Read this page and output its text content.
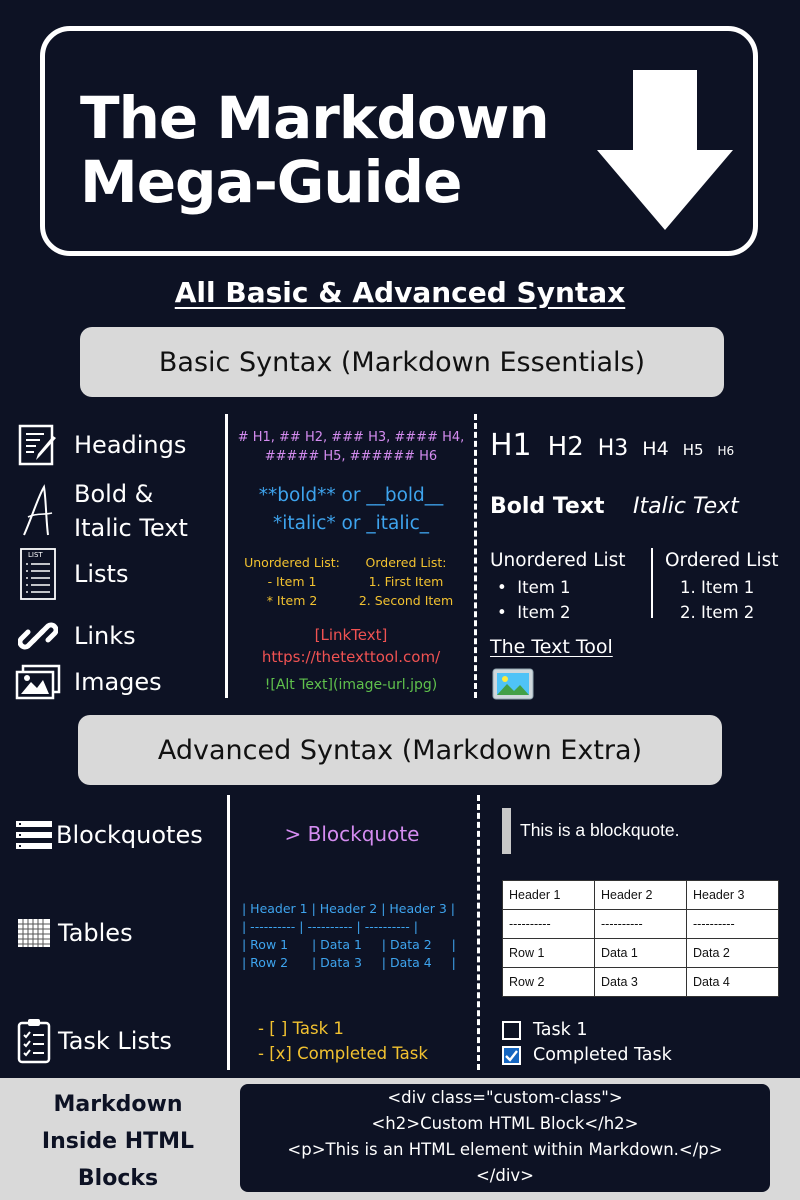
The Markdown
Mega-Guide
All Basic & Advanced Syntax
Basic Syntax (Markdown Essentials)
Headings
Bold &
Italic Text
LIST
Lists
Links
Images
# H1, ## H2, ### H3, #### H4,
##### H5, ###### H6
**bold** or __bold__
*italic* or _italic_
Unordered List:
- Item 1
* Item 2
Ordered List:
1. First Item
2. Second Item
[LinkText]
https://thetexttool.com/
![Alt Text](image-url.jpg)
H1 H2 H3 H4 H5 H6
Bold Text Italic Text
Unordered List
•  Item 1
•  Item 2
Ordered List
1. Item 1
2. Item 2
The Text Tool
Advanced Syntax (Markdown Extra)
Blockquotes
Tables
Task Lists
> Blockquote
| Header 1 | Header 2 | Header 3 |
| ---------- | ---------- | ---------- |
| Row 1      | Data 1     | Data 2     |
| Row 2      | Data 3     | Data 4     |
- [ ] Task 1
- [x] Completed Task
This is a blockquote.
Header 1	Header 2	Header 3
----------	----------	----------
Row 1	Data 1	Data 2
Row 2	Data 3	Data 4
Task 1
Completed Task
Markdown
Inside HTML
Blocks
<div class="custom-class">
<h2>Custom HTML Block</h2>
<p>This is an HTML element within Markdown.</p>
</div>
